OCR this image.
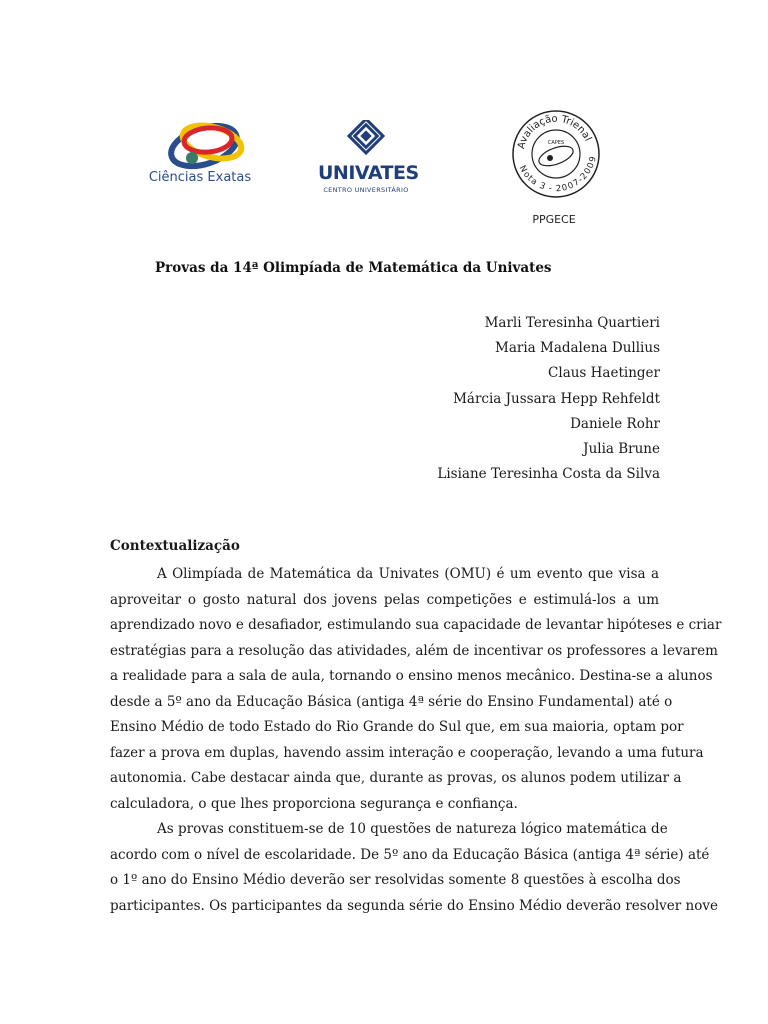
Ciências Exatas	UNIVATES
CENTRO UNIVERSITÁRIO
Avaliação Trienal
CAPES
Nota 3 - 2007-2009
PPGECE
Provas da 14ª Olimpíada de Matemática da Univates
Marli Teresinha Quartieri
Maria Madalena Dullius
Claus Haetinger
Márcia Jussara Hepp Rehfeldt
Daniele Rohr
Julia Brune
Lisiane Teresinha Costa da Silva
Contextualização
A Olimpíada de Matemática da Univates (OMU) é um evento que visa a
aproveitar o gosto natural dos jovens pelas competições e estimulá-los a um
aprendizado novo e desafiador, estimulando sua capacidade de levantar hipóteses e criar
estratégias para a resolução das atividades, além de incentivar os professores a levarem
a realidade para a sala de aula, tornando o ensino menos mecânico. Destina-se a alunos
desde a 5º ano da Educação Básica (antiga 4ª série do Ensino Fundamental) até o
Ensino Médio de todo Estado do Rio Grande do Sul que, em sua maioria, optam por
fazer a prova em duplas, havendo assim interação e cooperação, levando a uma futura
autonomia. Cabe destacar ainda que, durante as provas, os alunos podem utilizar a
calculadora, o que lhes proporciona segurança e confiança.
As provas constituem-se de 10 questões de natureza lógico matemática de
acordo com o nível de escolaridade. De 5º ano da Educação Básica (antiga 4ª série) até
o 1º ano do Ensino Médio deverão ser resolvidas somente 8 questões à escolha dos
participantes. Os participantes da segunda série do Ensino Médio deverão resolver nove
